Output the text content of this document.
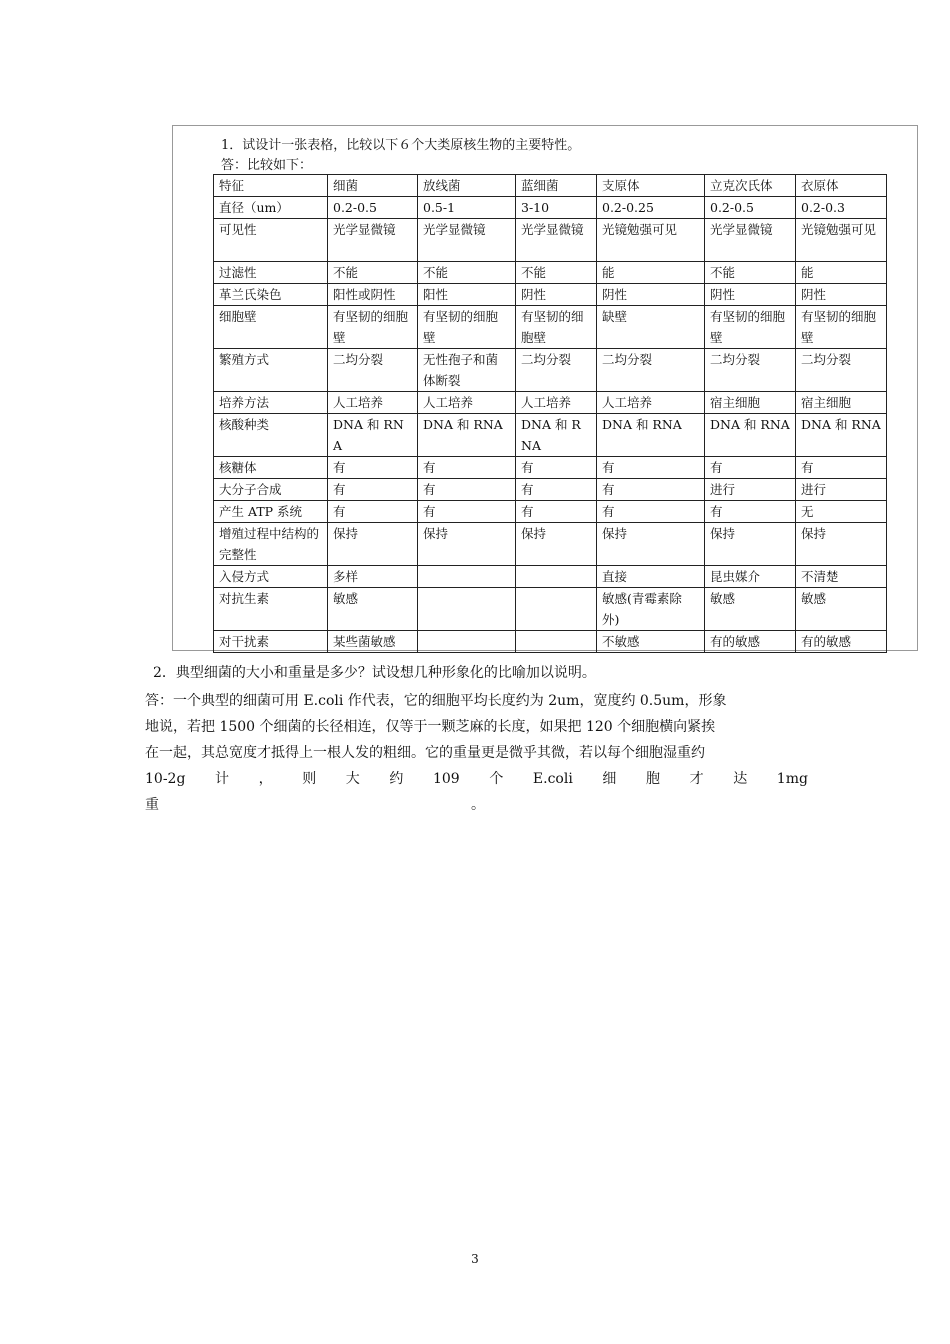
1．试设计一张表格，比较以下６个大类原核生物的主要特性。
答：比较如下：
特征	细菌	放线菌	蓝细菌	支原体	立克次氏体	衣原体
直径（um）	0.2-0.5	0.5-1	3-10	0.2-0.25	0.2-0.5	0.2-0.3
可见性	光学显微镜	光学显微镜	光学显微镜	光镜勉强可见	光学显微镜	光镜勉强可见
过滤性	不能	不能	不能	能	不能	能
革兰氏染色	阳性或阴性	阳性	阴性	阴性	阴性	阴性
细胞壁	有坚韧的细胞壁	有坚韧的细胞壁	有坚韧的细胞壁	缺壁	有坚韧的细胞壁	有坚韧的细胞壁
繁殖方式	二均分裂	无性孢子和菌体断裂	二均分裂	二均分裂	二均分裂	二均分裂
培养方法	人工培养	人工培养	人工培养	人工培养	宿主细胞	宿主细胞
核酸种类	DNA 和 RNA	DNA 和 RNA	DNA 和 RNA	DNA 和 RNA	DNA 和 RNA	DNA 和 RNA
核糖体	有	有	有	有	有	有
大分子合成	有	有	有	有	进行	进行
产生 ATP 系统	有	有	有	有	有	无
增殖过程中结构的完整性	保持	保持	保持	保持	保持	保持
入侵方式	多样			直接	昆虫媒介	不清楚
对抗生素	敏感			敏感(青霉素除外)	敏感	敏感
对干扰素	某些菌敏感			不敏感	有的敏感	有的敏感
2．典型细菌的大小和重量是多少？试设想几种形象化的比喻加以说明。
答：一个典型的细菌可用 E.coli 作代表，它的细胞平均长度约为 2um，宽度约 0.5um，形象
地说，若把 1500 个细菌的长径相连，仅等于一颗芝麻的长度，如果把 120 个细胞横向紧挨
在一起，其总宽度才抵得上一根人发的粗细。它的重量更是微乎其微，若以每个细胞湿重约
10-2g 计 ， 则 大 约 109 个 E.coli 细 胞 才 达 1mg
重	。
3
